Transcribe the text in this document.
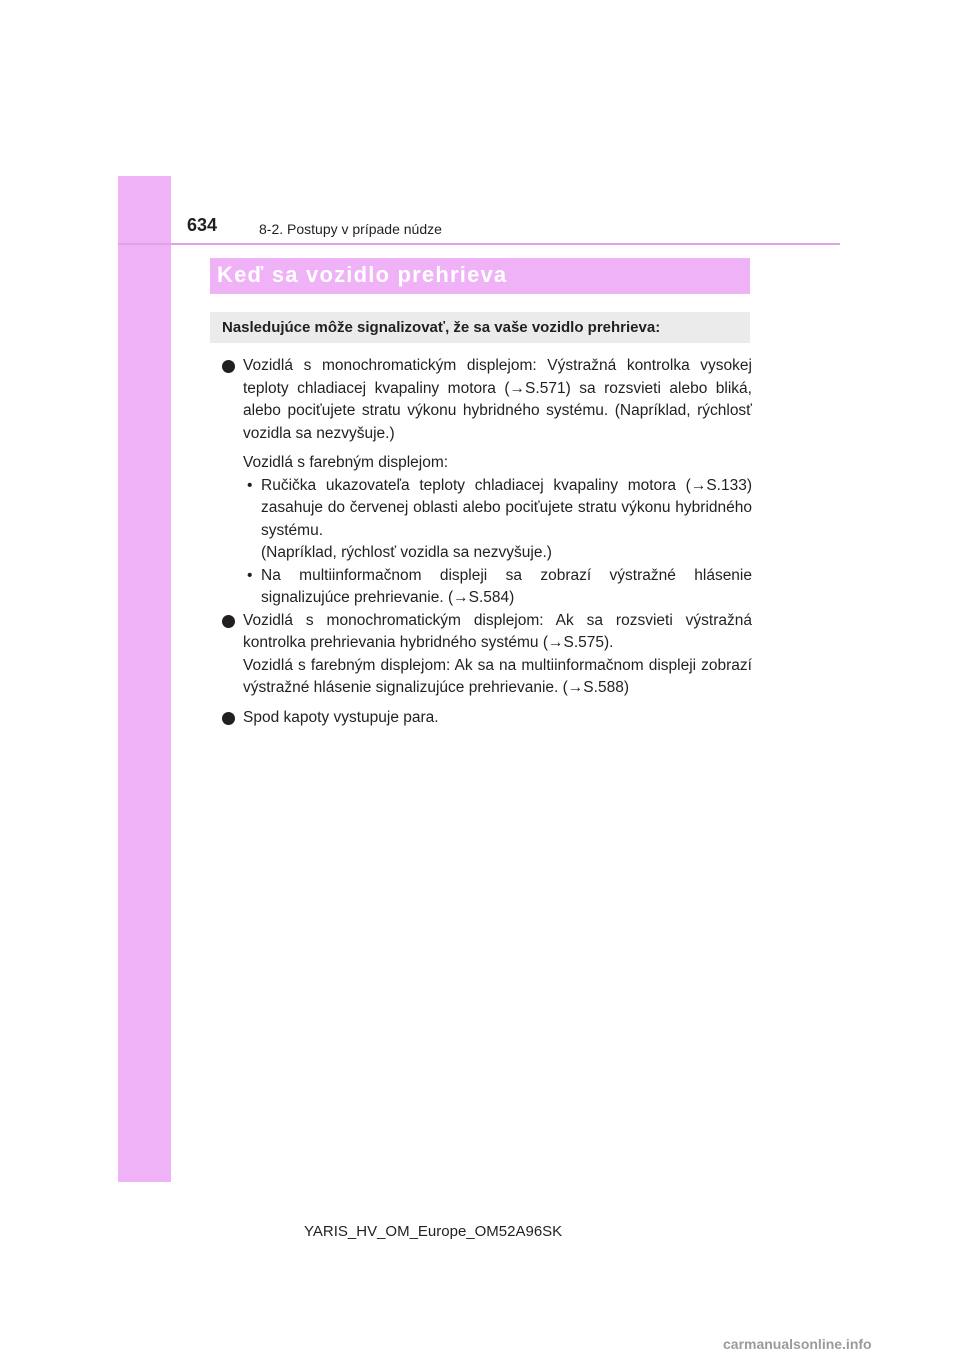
634	8-2. Postupy v prípade núdze
Keď sa vozidlo prehrieva
Nasledujúce môže signalizovať, že sa vaše vozidlo prehrieva:
Vozidlá s monochromatickým displejom: Výstražná kontrolka vysokej teploty chladiacej kvapaliny motora (→S.571) sa rozsvieti alebo bliká, alebo pociťujete stratu výkonu hybridného systému. (Napríklad, rýchlosť vozidla sa nezvyšuje.)
Vozidlá s farebným displejom:
• Ručička ukazovateľa teploty chladiacej kvapaliny motora (→S.133) zasahuje do červenej oblasti alebo pociťujete stratu výkonu hybridného systému.
(Napríklad, rýchlosť vozidla sa nezvyšuje.)
• Na multiinformačnom displeji sa zobrazí výstražné hlásenie signalizujúce prehrievanie. (→S.584)
Vozidlá s monochromatickým displejom: Ak sa rozsvieti výstražná kontrolka prehrievania hybridného systému (→S.575).
Vozidlá s farebným displejom: Ak sa na multiinformačnom displeji zobrazí výstražné hlásenie signalizujúce prehrievanie. (→S.588)
Spod kapoty vystupuje para.
YARIS_HV_OM_Europe_OM52A96SK
carmanualsonline.info
